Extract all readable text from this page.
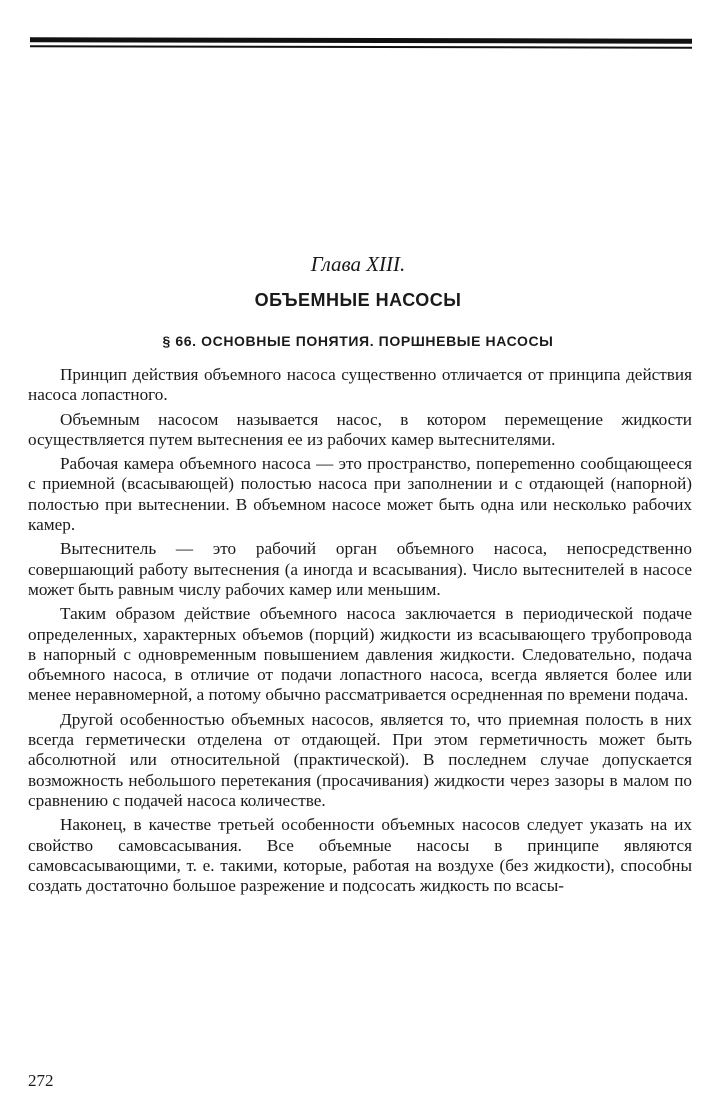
Глава XIII.
ОБЪЕМНЫЕ НАСОСЫ
§ 66. ОСНОВНЫЕ ПОНЯТИЯ. ПОРШНЕВЫЕ НАСОСЫ

Принцип действия объемного насоса существенно отличается от принципа действия насоса лопастного.

Объемным насосом называется насос, в котором перемещение жидкости осуществляется путем вытеснения ее из рабочих камер вытеснителями.

Рабочая камера объемного насоса — это пространство, попереmенно сообщающееся с приемной (всасывающей) полостью насоса при заполнении и с отдающей (напорной) полостью при вытеснении. В объемном насосе может быть одна или несколько рабочих камер.

Вытеснитель — это рабочий орган объемного насоса, непосредственно совершающий работу вытеснения (а иногда и всасывания). Число вытеснителей в насосе может быть равным числу рабочих камер или меньшим.

Таким образом действие объемного насоса заключается в периодической подаче определенных, характерных объемов (порций) жидкости из всасывающего трубопровода в напорный с одновременным повышением давления жидкости. Следовательно, подача объемного насоса, в отличие от подачи лопастного насоса, всегда является более или менее неравномерной, а потому обычно рассматривается осредненная по времени подача.

Другой особенностью объемных насосов, является то, что приемная полость в них всегда герметически отделена от отдающей. При этом герметичность может быть абсолютной или относительной (практической). В последнем случае допускается возможность небольшого перетекания (просачивания) жидкости через зазоры в малом по сравнению с подачей насоса количестве.

Наконец, в качестве третьей особенности объемных насосов следует указать на их свойство самовсасывания. Все объемные насосы в принципе являются самовсасывающими, т. е. такими, которые, работая на воздухе (без жидкости), способны создать достаточно большое разрежение и подсосать жидкость по всасы-

272
